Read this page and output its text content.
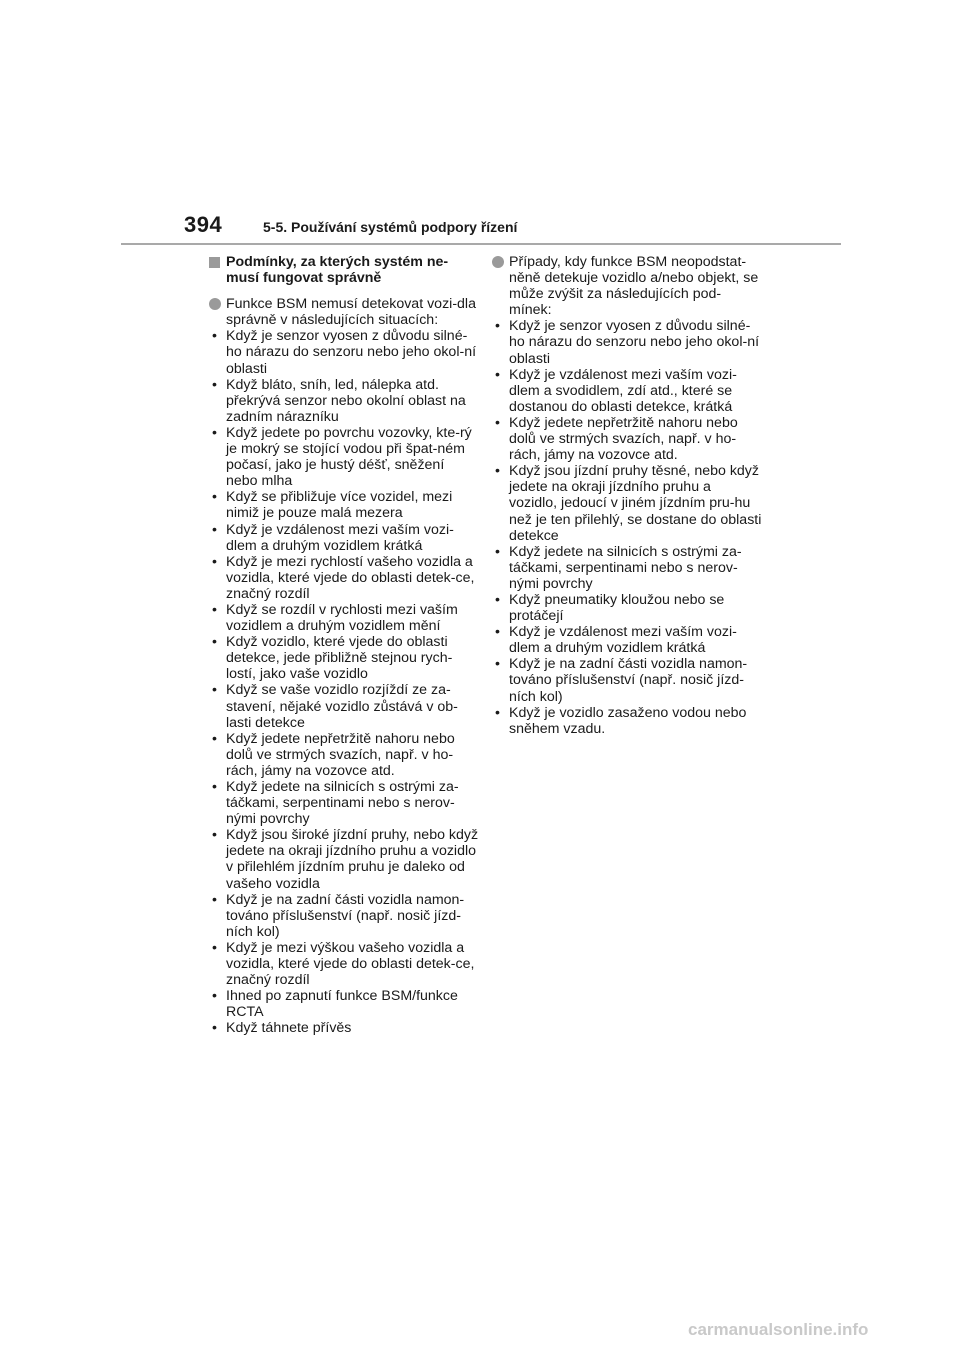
394	5-5. Používání systémů podpory řízení
Podmínky, za kterých systém ne-musí fungovat správně
Funkce BSM nemusí detekovat vozi-dla správně v následujících situacích:
• Když je senzor vyosen z důvodu silné-ho nárazu do senzoru nebo jeho okol-ní oblasti
• Když bláto, sníh, led, nálepka atd. překrývá senzor nebo okolní oblast na zadním nárazníku
• Když jedete po povrchu vozovky, kte-rý je mokrý se stojící vodou při špat-ném počasí, jako je hustý déšť, sněžení nebo mlha
• Když se přibližuje více vozidel, mezi nimiž je pouze malá mezera
• Když je vzdálenost mezi vaším vozi-dlem a druhým vozidlem krátká
• Když je mezi rychlostí vašeho vozidla a vozidla, které vjede do oblasti detek-ce, značný rozdíl
• Když se rozdíl v rychlosti mezi vaším vozidlem a druhým vozidlem mění
• Když vozidlo, které vjede do oblasti detekce, jede přibližně stejnou rych-lostí, jako vaše vozidlo
• Když se vaše vozidlo rozjíždí ze za-stavení, nějaké vozidlo zůstává v ob-lasti detekce
• Když jedete nepřetržitě nahoru nebo dolů ve strmých svazích, např. v ho-rách, jámy na vozovce atd.
• Když jedete na silnicích s ostrými za-táčkami, serpentinami nebo s nerov-nými povrchy
• Když jsou široké jízdní pruhy, nebo když jedete na okraji jízdního pruhu a vozidlo v přilehlém jízdním pruhu je daleko od vašeho vozidla
• Když je na zadní části vozidla namon-továno příslušenství (např. nosič jízd-ních kol)
• Když je mezi výškou vašeho vozidla a vozidla, které vjede do oblasti detek-ce, značný rozdíl
• Ihned po zapnutí funkce BSM/funkce RCTA
• Když táhnete přívěs
Případy, kdy funkce BSM neopodstat-něně detekuje vozidlo a/nebo objekt, se může zvýšit za následujících pod-mínek:
• Když je senzor vyosen z důvodu silné-ho nárazu do senzoru nebo jeho okol-ní oblasti
• Když je vzdálenost mezi vaším vozi-dlem a svodidlem, zdí atd., které se dostanou do oblasti detekce, krátká
• Když jedete nepřetržitě nahoru nebo dolů ve strmých svazích, např. v ho-rách, jámy na vozovce atd.
• Když jsou jízdní pruhy těsné, nebo když jedete na okraji jízdního pruhu a vozidlo, jedoucí v jiném jízdním pru-hu než je ten přilehlý, se dostane do oblasti detekce
• Když jedete na silnicích s ostrými za-táčkami, serpentinami nebo s nerov-nými povrchy
• Když pneumatiky kloužou nebo se protáčejí
• Když je vzdálenost mezi vaším vozi-dlem a druhým vozidlem krátká
• Když je na zadní části vozidla namon-továno příslušenství (např. nosič jízd-ních kol)
• Když je vozidlo zasaženo vodou nebo sněhem vzadu.
carmanualsonline.info
